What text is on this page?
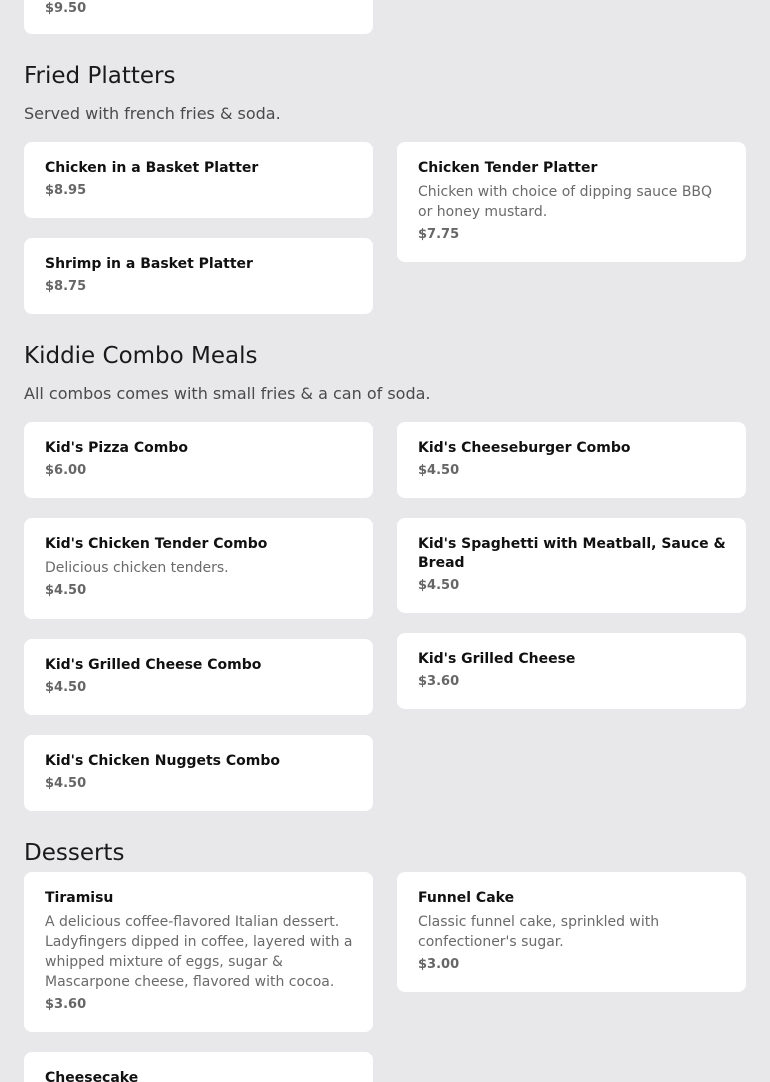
$9.50
Fried Platters

Served with french fries & soda.

Chicken in a Basket Platter
$8.95
Chicken Tender Platter
Chicken with choice of dipping sauce BBQ or honey mustard.
$7.75
Shrimp in a Basket Platter
$8.75
Kiddie Combo Meals

All combos comes with small fries & a can of soda.

Kid's Pizza Combo
$6.00
Kid's Cheeseburger Combo
$4.50
Kid's Chicken Tender Combo
Delicious chicken tenders.
$4.50
Kid's Spaghetti with Meatball, Sauce & Bread
$4.50
Kid's Grilled Cheese Combo
$4.50
Kid's Grilled Cheese
$3.60
Kid's Chicken Nuggets Combo
$4.50
Desserts
Tiramisu
A delicious coffee-flavored Italian dessert. Ladyfingers dipped in coffee, layered with a whipped mixture of eggs, sugar & Mascarpone cheese, flavored with cocoa.
$3.60
Funnel Cake
Classic funnel cake, sprinkled with confectioner's sugar.
$3.00
Cheesecake
